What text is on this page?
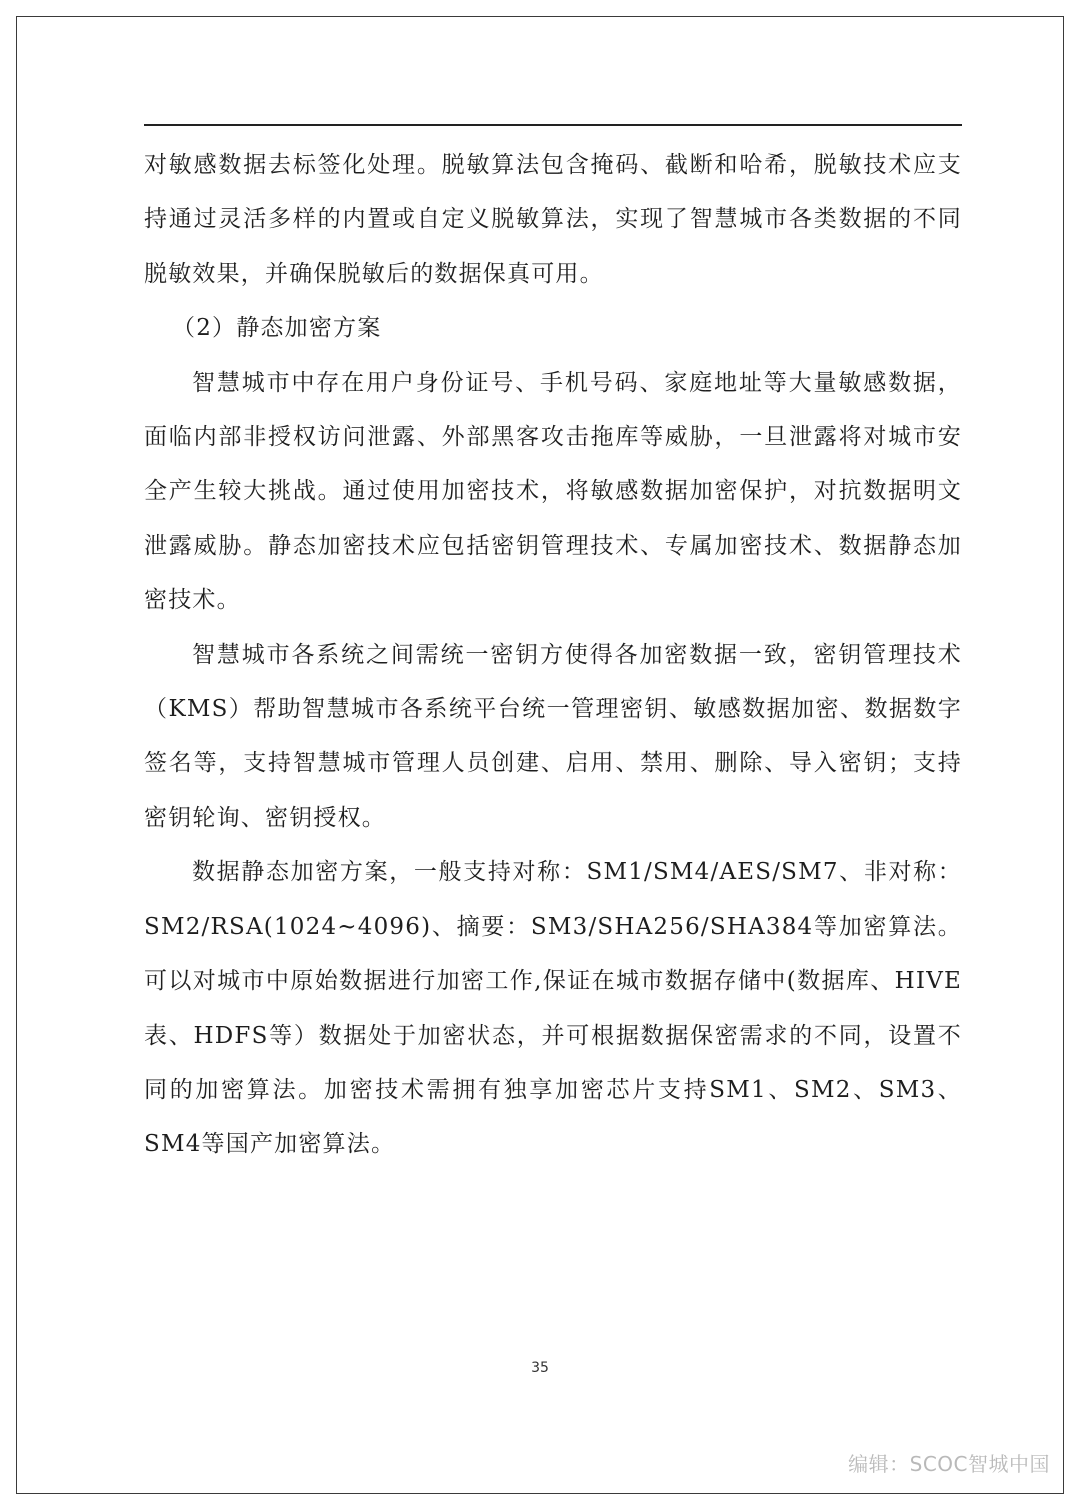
对敏感数据去标签化处理。脱敏算法包含掩码、截断和哈希，脱敏技术应支持通过灵活多样的内置或自定义脱敏算法，实现了智慧城市各类数据的不同脱敏效果，并确保脱敏后的数据保真可用。

（2）静态加密方案

智慧城市中存在用户身份证号、手机号码、家庭地址等大量敏感数据，面临内部非授权访问泄露、外部黑客攻击拖库等威胁，一旦泄露将对城市安全产生较大挑战。通过使用加密技术，将敏感数据加密保护，对抗数据明文泄露威胁。静态加密技术应包括密钥管理技术、专属加密技术、数据静态加密技术。

智慧城市各系统之间需统一密钥方使得各加密数据一致，密钥管理技术（KMS）帮助智慧城市各系统平台统一管理密钥、敏感数据加密、数据数字签名等，支持智慧城市管理人员创建、启用、禁用、删除、导入密钥；支持密钥轮询、密钥授权。

数据静态加密方案，一般支持对称：SM1/SM4/AES/SM7、非对称：SM2/RSA(1024~4096)、摘要：SM3/SHA256/SHA384等加密算法。可以对城市中原始数据进行加密工作,保证在城市数据存储中(数据库、HIVE表、HDFS等）数据处于加密状态，并可根据数据保密需求的不同，设置不同的加密算法。加密技术需拥有独享加密芯片支持SM1、SM2、SM3、SM4等国产加密算法。

35
编辑：SCOC智城中国
